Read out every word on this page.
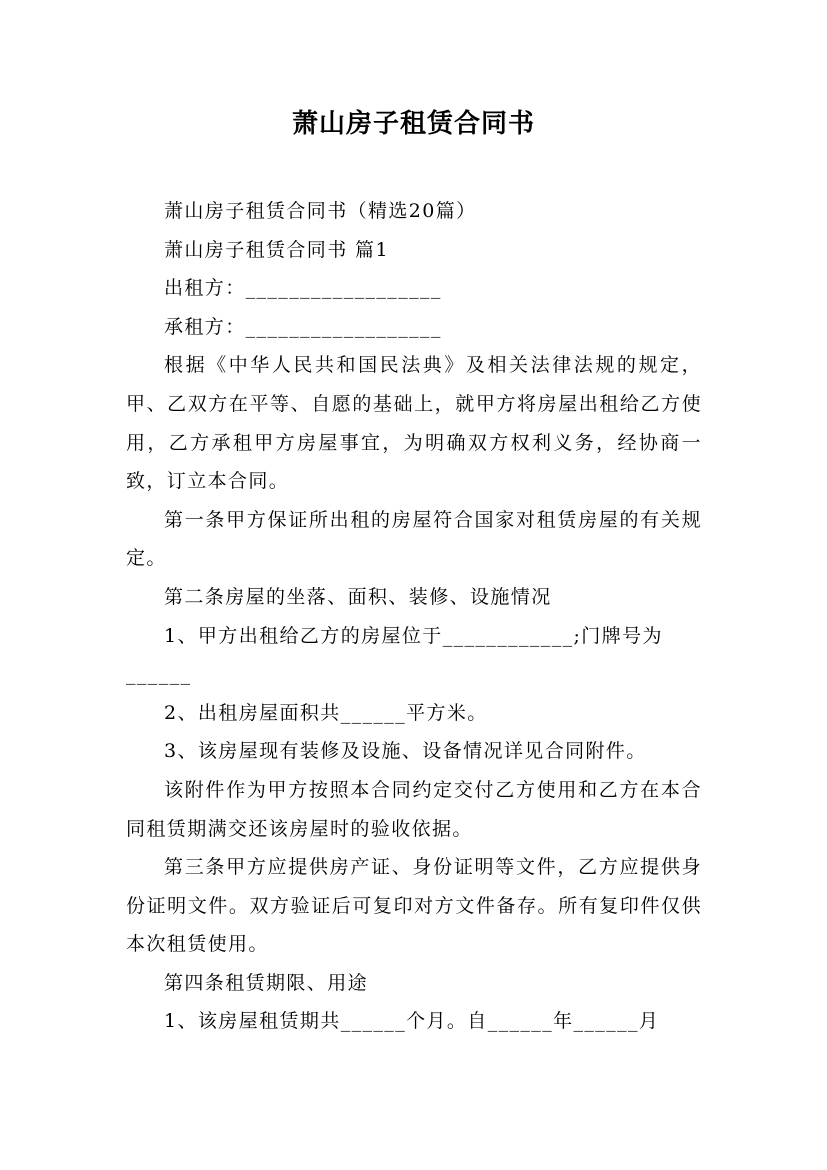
萧山房子租赁合同书

萧山房子租赁合同书（精选20篇）

萧山房子租赁合同书 篇1

出租方：__________________

承租方：__________________

根据《中华人民共和国民法典》及相关法律法规的规定，甲、乙双方在平等、自愿的基础上，就甲方将房屋出租给乙方使用，乙方承租甲方房屋事宜，为明确双方权利义务，经协商一致，订立本合同。

第一条甲方保证所出租的房屋符合国家对租赁房屋的有关规定。

第二条房屋的坐落、面积、装修、设施情况

1、甲方出租给乙方的房屋位于____________;门牌号为

______

2、出租房屋面积共______平方米。

3、该房屋现有装修及设施、设备情况详见合同附件。

该附件作为甲方按照本合同约定交付乙方使用和乙方在本合同租赁期满交还该房屋时的验收依据。

第三条甲方应提供房产证、身份证明等文件，乙方应提供身份证明文件。双方验证后可复印对方文件备存。所有复印件仅供本次租赁使用。

第四条租赁期限、用途

1、该房屋租赁期共______个月。自______年______月
